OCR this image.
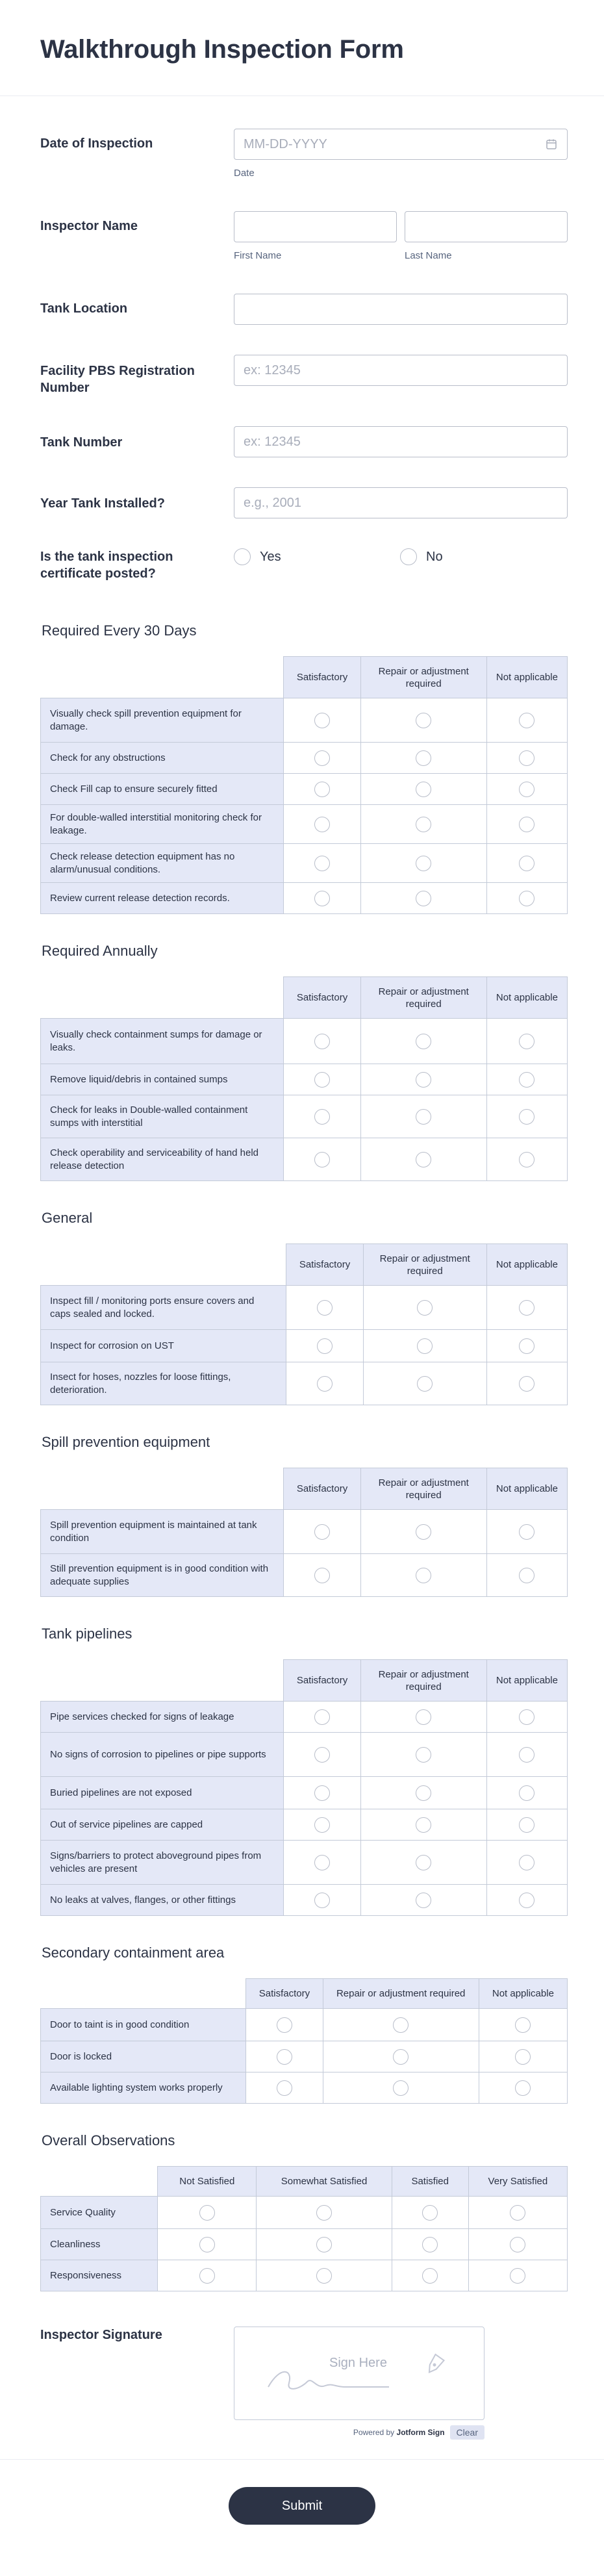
Walkthrough Inspection Form
Date of Inspection	MM-DD-YYYY
Date
Inspector Name
First Name	Last Name
Tank Location
Facility PBS Registration Number
ex: 12345
Tank Number	ex: 12345
Year Tank Installed?	e.g., 2001
Is the tank inspection certificate posted?
Yes	No
Required Every 30 Days
	Satisfactory	Repair or adjustment required	Not applicable
Visually check spill prevention equipment for damage.			
Check for any obstructions			
Check Fill cap to ensure securely fitted			
For double-walled interstitial monitoring check for leakage.			
Check release detection equipment has no alarm/unusual conditions.			
Review current release detection records.			
Required Annually
	Satisfactory	Repair or adjustment required	Not applicable
Visually check containment sumps for damage or leaks.			
Remove liquid/debris in contained sumps			
Check for leaks in Double-walled containment sumps with interstitial			
Check operability and serviceability of hand held release detection			
General
	Satisfactory	Repair or adjustment required	Not applicable
Inspect fill / monitoring ports ensure covers and caps sealed and locked.			
Inspect for corrosion on UST			
Insect for hoses, nozzles for loose fittings, deterioration.			
Spill prevention equipment
	Satisfactory	Repair or adjustment required	Not applicable
Spill prevention equipment is maintained at tank condition			
Still prevention equipment is in good condition with adequate supplies			
Tank pipelines
	Satisfactory	Repair or adjustment required	Not applicable
Pipe services checked for signs of leakage			
No signs of corrosion to pipelines or pipe supports			
Buried pipelines are not exposed			
Out of service pipelines are capped			
Signs/barriers to protect aboveground pipes from vehicles are present			
No leaks at valves, flanges, or other fittings			
Secondary containment area
	Satisfactory	Repair or adjustment required	Not applicable
Door to taint is in good condition			
Door is locked			
Available lighting system works properly			
Overall Observations
	Not Satisfied	Somewhat Satisfied	Satisfied	Very Satisfied
Service Quality				
Cleanliness				
Responsiveness				
Inspector Signature
Sign Here
Powered by Jotform Sign	Clear
Submit
